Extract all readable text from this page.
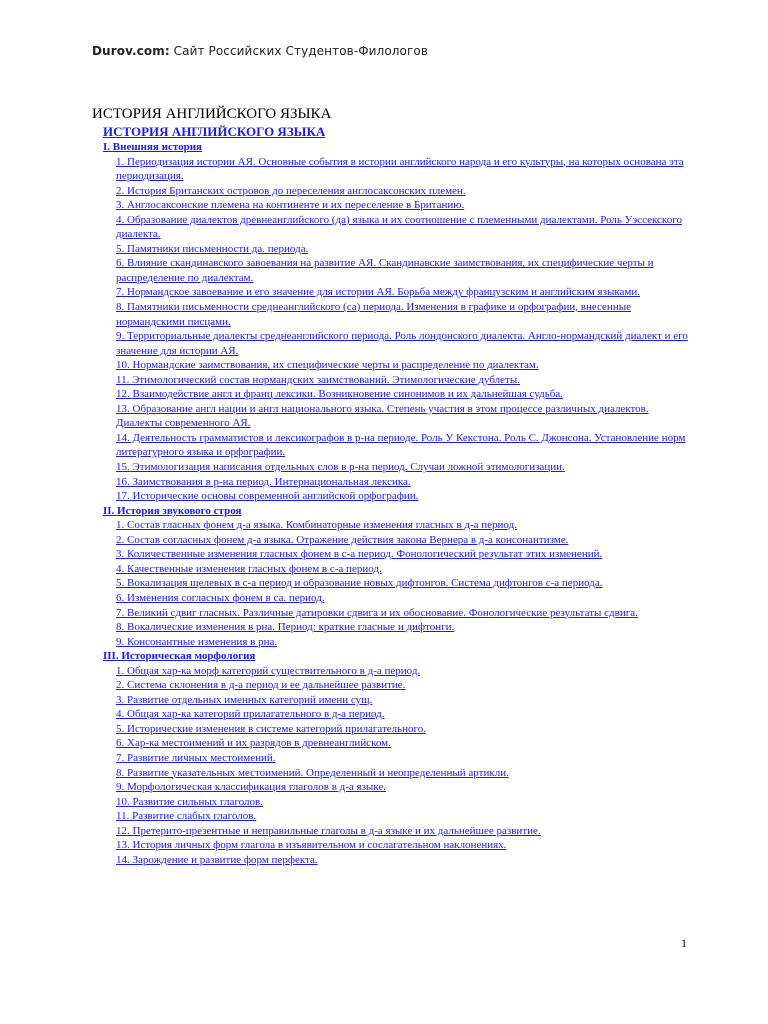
Durov.com: Сайт Российских Студентов-Филологов
ИСТОРИЯ АНГЛИЙСКОГО ЯЗЫКА
ИСТОРИЯ АНГЛИЙСКОГО ЯЗЫКА
I. Внешняя история
1. Периодизация истории АЯ. Основные события в истории английского народа и его культуры, на которых основана эта периодизация.
2. История Британских островов до переселения англосаксонских племен.
3. Англосаксонские племена на континенте и их переселение в Британию.
4. Образование диалектов древнеанглийского (да) языка и их соотношение с племенными диалектами. Роль Уэссекского диалекта.
5. Памятники письменности да. периода.
6. Влияние скандинавского завоевания на развитие АЯ. Скандинавские заимствования, их специфические черты и распределение по диалектам.
7. Нормандское завоевание и его значение для истории АЯ. Борьба между французским и английским языками.
8. Памятники письменности среднеанглийского (са) периода. Изменения в графике и орфографии, внесенные нормандскими писцами.
9. Территориальные диалекты среднеанглийского периода. Роль лондонского диалекта. Англо-нормандский диалект и его значение для истории АЯ.
10. Нормандские заимствования, их специфические черты и распределение по диалектам.
11. Этимологический состав нормандских заимствований. Этимологические дублеты.
12. Взаимодействие англ и франц лексики. Возникновение синонимов и их дальнейшая судьба.
13. Образование англ нации и англ национального языка. Степень участия в этом процессе различных диалектов. Диалекты современного АЯ.
14. Деятельность грамматистов и лексикографов в р-на периоде. Роль У Кекстона. Роль С. Джонсона. Установление норм литературного языка и орфографии.
15. Этимологизация написания отдельных слов в р-на период. Случаи ложной этимологизации.
16. Заимствования в р-на период. Интернациональная лексика.
17. Исторические основы современной английской орфографии.
II. История звукового строя
1. Состав гласных фонем д-а языка. Комбинаторные изменения гласных в д-а период.
2. Состав согласных фонем д-а языка. Отражение действия закона Вернера в д-а консонантизме.
3. Количественные изменения гласных фонем в с-а период. Фонологический результат этих изменений.
4. Качественные изменения гласных фонем в с-а период.
5. Вокализация щелевых в с-а период и образование новых дифтонгов. Система дифтонгов с-а периода.
6. Изменения согласных фонем в са. период.
7. Великий сдвиг гласных. Различные датировки сдвига и их обоснование. Фонологические результаты сдвига.
8. Вокалические изменения в рна. Период: краткие гласные и дифтонги.
9. Консонантные изменения в рна.
III. Историческая морфология
1. Общая хар-ка морф категорий существительного в д-а период.
2. Система склонения в д-а период и ее дальнейшее развитие.
3. Развитие отдельных именных категорий имени сущ.
4. Общая хар-ка категорий прилагательного в д-а период.
5. Исторические изменения в системе категорий прилагательного.
6. Хар-ка местоимений и их разрядов в древнеанглийском.
7. Развитие личных местоимений.
8. Развитие указательных местоимений. Определенный и неопределенный артикли.
9. Морфологическая классификация глаголов в д-а языке.
10. Развитие сильных глаголов.
11. Развитие слабых глаголов.
12. Претерито-презентные и неправильные глаголы в д-а языке и их дальнейшее развитие.
13. История личных форм глагола в изъявительном и сослагательном наклонениях.
14. Зарождение и развитие форм перфекта.
1
